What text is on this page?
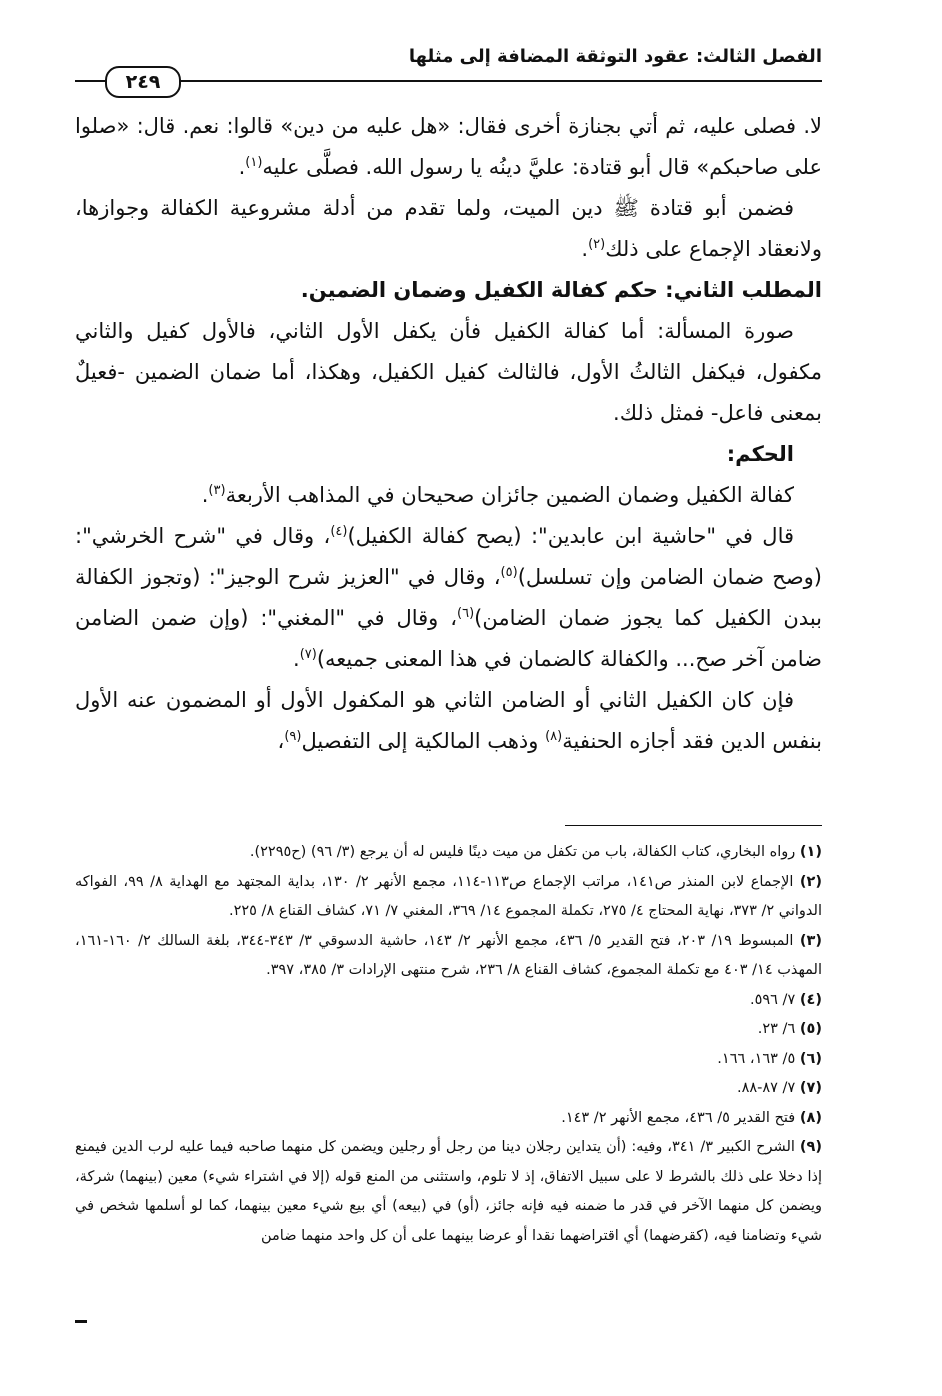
الفصل الثالث: عقود التوثقة المضافة إلى مثلها
٢٤٩

لا. فصلى عليه، ثم أتي بجنازة أخرى فقال: «هل عليه من دين» قالوا: نعم. قال: «صلوا على صاحبكم» قال أبو قتادة: عليَّ دينُه يا رسول الله. فصلَّى عليه$^{(١)}$.

فضمن أبو قتادة ﷺ دين الميت، ولما تقدم من أدلة مشروعية الكفالة وجوازها، ولانعقاد الإجماع على ذلك$^{(٢)}$.

المطلب الثاني: حكم كفالة الكفيل وضمان الضمين.

صورة المسألة: أما كفالة الكفيل فأن يكفل الأول الثاني، فالأول كفيل والثاني مكفول، فيكفل الثالثُ الأول، فالثالث كفيل الكفيل، وهكذا، أما ضمان الضمين -فعيلٌ بمعنى فاعل- فمثل ذلك.

الحكم:

كفالة الكفيل وضمان الضمين جائزان صحيحان في المذاهب الأربعة$^{(٣)}$.

قال في "حاشية ابن عابدين": (يصح كفالة الكفيل)$^{(٤)}$، وقال في "شرح الخرشي": (وصح ضمان الضامن وإن تسلسل)$^{(٥)}$، وقال في "العزيز شرح الوجيز": (وتجوز الكفالة ببدن الكفيل كما يجوز ضمان الضامن)$^{(٦)}$، وقال في "المغني": (وإن ضمن الضامن ضامن آخر صح... والكفالة كالضمان في هذا المعنى جميعه)$^{(٧)}$.

فإن كان الكفيل الثاني أو الضامن الثاني هو المكفول الأول أو المضمون عنه الأول بنفس الدين فقد أجازه الحنفية$^{(٨)}$ وذهب المالكية إلى التفصيل$^{(٩)}$،

(١) رواه البخاري، كتاب الكفالة، باب من تكفل من ميت دينًا فليس له أن يرجع (٣/ ٩٦) (ح٢٢٩٥).

(٢) الإجماع لابن المنذر ص١٤١، مراتب الإجماع ص١١٣-١١٤، مجمع الأنهر ٢/ ١٣٠، بداية المجتهد مع الهداية ٨/ ٩٩، الفواكه الدواني ٢/ ٣٧٣، نهاية المحتاج ٤/ ٢٧٥، تكملة المجموع ١٤/ ٣٦٩، المغني ٧/ ٧١، كشاف القناع ٨/ ٢٢٥.

(٣) المبسوط ١٩/ ٢٠٣، فتح القدير ٥/ ٤٣٦، مجمع الأنهر ٢/ ١٤٣، حاشية الدسوقي ٣/ ٣٤٣-٣٤٤، بلغة السالك ٢/ ١٦٠-١٦١، المهذب ١٤/ ٤٠٣ مع تكملة المجموع، كشاف القناع ٨/ ٢٣٦، شرح منتهى الإرادات ٣/ ٣٨٥، ٣٩٧.

(٤) ٧/ ٥٩٦.

(٥) ٦/ ٢٣.

(٦) ٥/ ١٦٣، ١٦٦.

(٧) ٧/ ٨٧-٨٨.

(٨) فتح القدير ٥/ ٤٣٦، مجمع الأنهر ٢/ ١٤٣.

(٩) الشرح الكبير ٣/ ٣٤١، وفيه: (أن يتداين رجلان دينا من رجل أو رجلين ويضمن كل منهما صاحبه فيما عليه لرب الدين فيمنع إذا دخلا على ذلك بالشرط لا على سبيل الاتفاق، إذ لا تلوم، واستثنى من المنع قوله (إلا في اشتراء شيء) معين (بينهما) شركة، ويضمن كل منهما الآخر في قدر ما ضمنه فيه فإنه جائز، (أو) في (بيعه) أي بيع شيء معين بينهما، كما لو أسلمها شخص في شيء وتضامنا فيه، (كقرضهما) أي اقتراضهما نقدا أو عرضا بينهما على أن كل واحد منهما ضامن
